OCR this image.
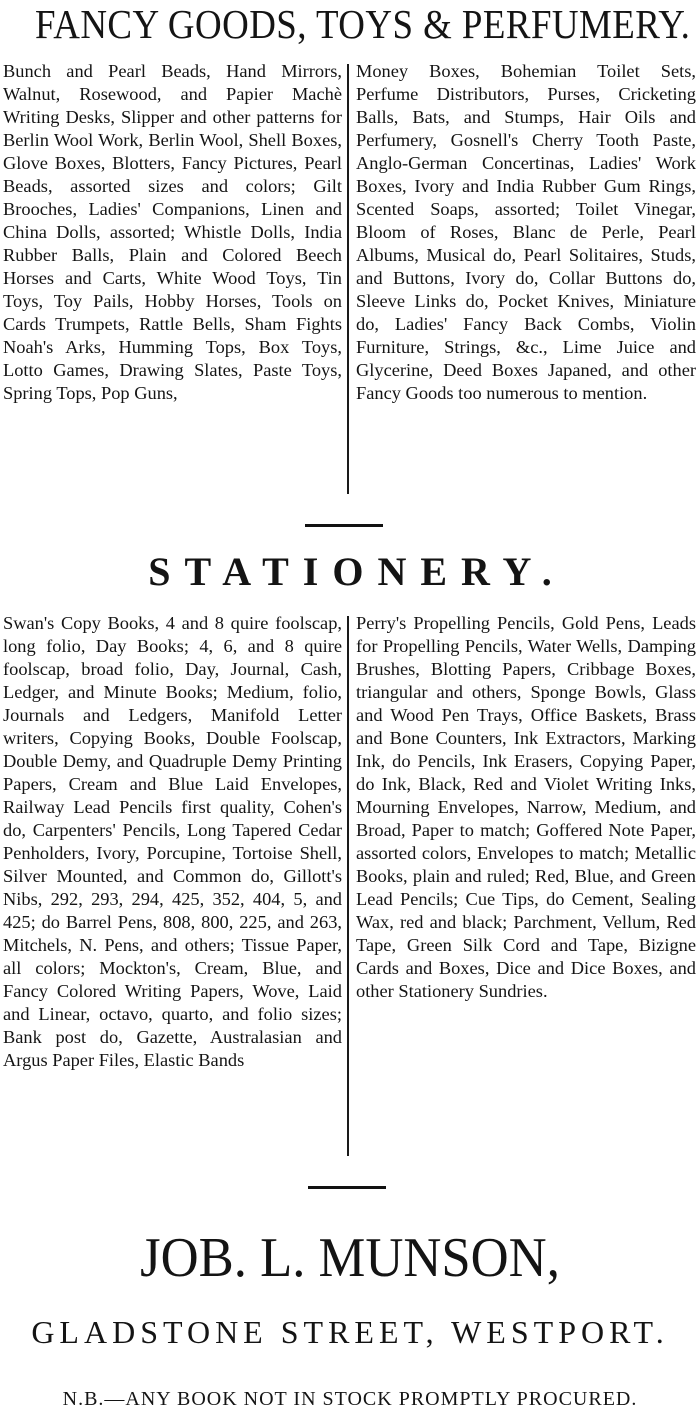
FANCY GOODS, TOYS & PERFUMERY.
Bunch and Pearl Beads, Hand Mirrors, Walnut, Rosewood, and Papier Machè Writing Desks, Slipper and other patterns for Berlin Wool Work, Berlin Wool, Shell Boxes, Glove Boxes, Blotters, Fancy Pictures, Pearl Beads, assorted sizes and colors; Gilt Brooches, Ladies' Companions, Linen and China Dolls, assorted; Whistle Dolls, India Rubber Balls, Plain and Colored Beech Horses and Carts, White Wood Toys, Tin Toys, Toy Pails, Hobby Horses, Tools on Cards Trumpets, Rattle Bells, Sham Fights Noah's Arks, Humming Tops, Box Toys, Lotto Games, Drawing Slates, Paste Toys, Spring Tops, Pop Guns,
Money Boxes, Bohemian Toilet Sets, Perfume Distributors, Purses, Cricketing Balls, Bats, and Stumps, Hair Oils and Perfumery, Gosnell's Cherry Tooth Paste, Anglo-German Concertinas, Ladies' Work Boxes, Ivory and India Rubber Gum Rings, Scented Soaps, assorted; Toilet Vinegar, Bloom of Roses, Blanc de Perle, Pearl Albums, Musical do, Pearl Solitaires, Studs, and Buttons, Ivory do, Collar Buttons do, Sleeve Links do, Pocket Knives, Miniature do, Ladies' Fancy Back Combs, Violin Furniture, Strings, &c., Lime Juice and Glycerine, Deed Boxes Japaned, and other Fancy Goods too numerous to mention.
STATIONERY.
Swan's Copy Books, 4 and 8 quire foolscap, long folio, Day Books; 4, 6, and 8 quire foolscap, broad folio, Day, Journal, Cash, Ledger, and Minute Books; Medium, folio, Journals and Ledgers, Manifold Letter writers, Copying Books, Double Foolscap, Double Demy, and Quadruple Demy Printing Papers, Cream and Blue Laid Envelopes, Railway Lead Pencils first quality, Cohen's do, Carpenters' Pencils, Long Tapered Cedar Penholders, Ivory, Porcupine, Tortoise Shell, Silver Mounted, and Common do, Gillott's Nibs, 292, 293, 294, 425, 352, 404, 5, and 425; do Barrel Pens, 808, 800, 225, and 263, Mitchels, N. Pens, and others; Tissue Paper, all colors; Mockton's, Cream, Blue, and Fancy Colored Writing Papers, Wove, Laid and Linear, octavo, quarto, and folio sizes; Bank post do, Gazette, Australasian and Argus Paper Files, Elastic Bands
Perry's Propelling Pencils, Gold Pens, Leads for Propelling Pencils, Water Wells, Damping Brushes, Blotting Papers, Cribbage Boxes, triangular and others, Sponge Bowls, Glass and Wood Pen Trays, Office Baskets, Brass and Bone Counters, Ink Extractors, Marking Ink, do Pencils, Ink Erasers, Copying Paper, do Ink, Black, Red and Violet Writing Inks, Mourning Envelopes, Narrow, Medium, and Broad, Paper to match; Goffered Note Paper, assorted colors, Envelopes to match; Metallic Books, plain and ruled; Red, Blue, and Green Lead Pencils; Cue Tips, do Cement, Sealing Wax, red and black; Parchment, Vellum, Red Tape, Green Silk Cord and Tape, Bizigne Cards and Boxes, Dice and Dice Boxes, and other Stationery Sundries.
JOB. L. MUNSON,
GLADSTONE STREET, WESTPORT.
N.B.—ANY BOOK NOT IN STOCK PROMPTLY PROCURED.
